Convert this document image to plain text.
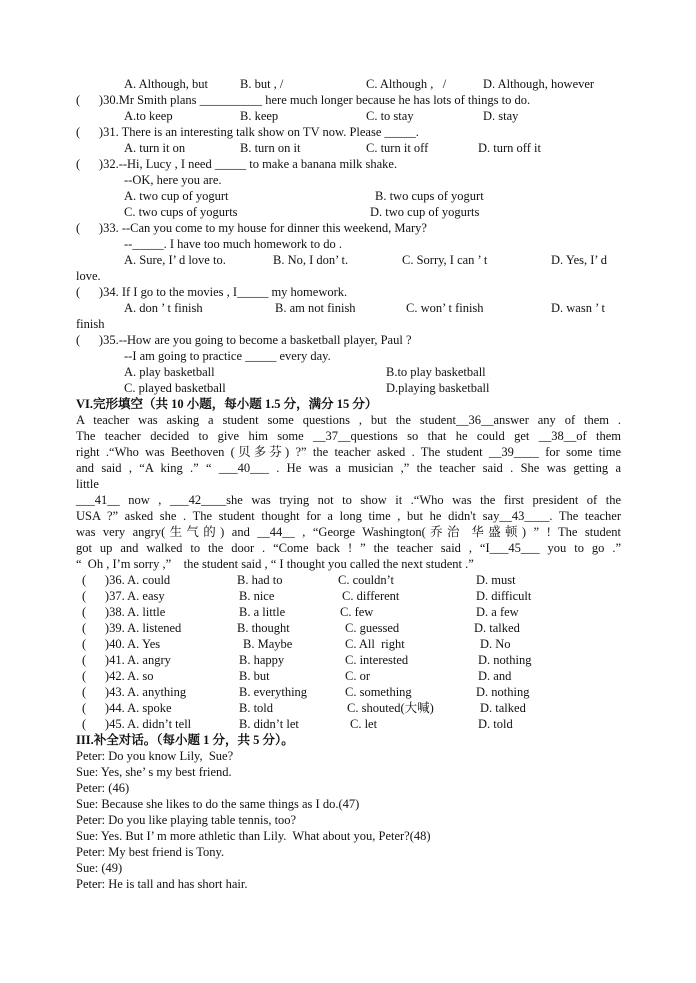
A. Although, but	B. but , /	C. Although ,   /	D. Although, however
(      )30.Mr Smith plans __________ here much longer because he has lots of things to do.
A.to keep	B. keep	C. to stay	D. stay
(      )31. There is an interesting talk show on TV now. Please _____.
A. turn it on	B. turn on it	C. turn it off	D. turn off it
(      )32.--Hi, Lucy , I need _____ to make a banana milk shake.
--OK, here you are.
A. two cup of yogurt	B. two cups of yogurt
C. two cups of yogurts	D. two cup of yogurts
(      )33. --Can you come to my house for dinner this weekend, Mary?
--_____. I have too much homework to do .
A. Sure, I’ d love to.	B. No, I don’ t.	C. Sorry, I can ’ t	D. Yes, I’ d
love.
(      )34. If I go to the movies , I_____ my homework.
A. don ’ t finish	B. am not finish	C. won’ t finish	D. wasn ’ t
finish
(      )35.--How are you going to become a basketball player, Paul ?
--I am going to practice _____ every day.
A. play basketball	B.to play basketball
C. played basketball	D.playing basketball
VI.完形填空（共 10 小题，每小题 1.5 分，满分 15 分）
A teacher was asking a student some questions , but the student__36__answer any of them .
The teacher decided to give him some __37__questions so that he could get __38__of them
right .“Who was Beethoven (贝多芬) ?” the teacher asked . The student __39____ for some time
and said , “A king .” “ ___40___ . He was a musician ,” the teacher said . She was getting a
little
___41__ now , ___42____she was trying not to show it .“Who was the first president of the
USA ?” asked she . The student thought for a long time , but he didn't say__43____. The teacher
was very angry(生气的) and __44__ , “George Washington(乔治 华盛顿) ” ! The student
got up and walked to the door . “Come back ! ” the teacher said , “I___45___ you to go .”
“  Oh , I’m sorry ,”    the student said , “ I thought you called the next student .”
(      )36. A. could	B. had to	C. couldn’t	D. must
(      )37. A. easy	B. nice	C. different	D. difficult
(      )38. A. little	B. a little	C. few	D. a few
(      )39. A. listened	B. thought	C. guessed	D. talked
(      )40. A. Yes	B. Maybe	C. All  right	D. No
(      )41. A. angry	B. happy	C. interested	D. nothing
(      )42. A. so	B. but	C. or	D. and
(      )43. A. anything	B. everything	C. something	D. nothing
(      )44. A. spoke	B. told	C. shouted(大喊)	D. talked
(      )45. A. didn’t tell	B. didn’t let	C. let	D. told
III.补全对话。（每小题 1 分，共 5 分）。
Peter: Do you know Lily,  Sue?
Sue: Yes, she’ s my best friend.
Peter: (46)
Sue: Because she likes to do the same things as I do.(47)
Peter: Do you like playing table tennis, too?
Sue: Yes. But I’ m more athletic than Lily.  What about you, Peter?(48)
Peter: My best friend is Tony.
Sue: (49)
Peter: He is tall and has short hair.
